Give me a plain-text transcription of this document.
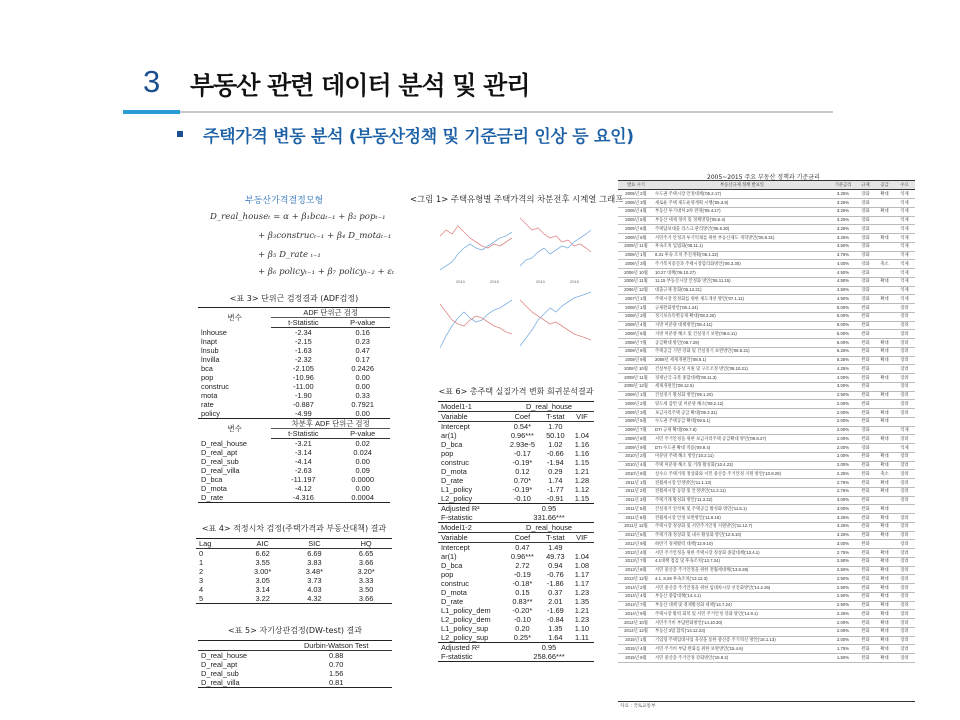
3 부동산 관련 데이터 분석 및 관리
주택가격 변동 분석 (부동산정책 및 기준금리 인상 등 요인)
부동산가격결정모형
D_real_houseₜ = α + β₁bcaₜ₋₁ + β₂ popₜ₋₁
+ β₃construcₜ₋₁ + β₄ D_motaₜ₋₁
+ β₅ D_rate ₜ₋₁
+ β₆ policyₜ₋₁ + β₇ policyₜ₋₂ + εₜ
<표 3> 단위근 검정결과 (ADF검정)
변수	ADF 단위근 검정	
	t-Statistic	P-value
lnhouse	-2.34	0.16
lnapt	-2.15	0.23
lnsub	-1.63	0.47
lnvilla	-2.32	0.17
bca	-2.105	0.2426
pop	-10.96	0.00
construc	-11.00	0.00
mota	-1.90	0.33
rate	-0.887	0.7921
policy	-4.99	0.00
변수	차분후 ADF 단위근 검정	
	t-Statistic	P-value
D_real_house	-3.21	0.02
D_real_apt	-3.14	0.024
D_real_sub	-4.14	0.00
D_real_villa	-2.63	0.09
D_bca	-11.197	0.0000
D_mota	-4.12	0.00
D_rate	-4.316	0.0004
<표 4> 적정시차 검정(주택가격과 부동산대책) 결과
Lag	AIC	SIC	HQ
0	6.62	6.69	6.65
1	3.55	3.83	3.66
2	3.00*	3.48*	3.20*
3	3.05	3.73	3.33
4	3.14	4.03	3.50
5	3.22	4.32	3.66
<표 5> 자기상관검정(DW-test) 결과
	Durbin-Watson Test
D_real_house	0.88
D_real_apt	0.70
D_real_sub	1.56
D_real_villa	0.81
<그림 1> 주택유형별 주택가격의 차분전후 시계열 그래프
2010	2015	2010	2015
<표 6> 총주택 실질가격 변화 회귀분석결과
Model1-1	D_real_house		
Variable	Coef	T-stat	VIF
Intercept	0.54*	1.70	
ar(1)	0.96***	50.10	1.04
D_bca	2.93e-5	1.02	1.16
pop	-0.17	-0.66	1.16
construc	-0.19*	-1.94	1.15
D_mota	0.12	0.29	1.21
D_rate	0.70*	1.74	1.28
L1_policy	-0.19*	-1.77	1.12
L2_policy	-0.10	-0.91	1.15
Adjusted R²	0.95		
F-statistic	331.66***		
Model1-2	D_real_house		
Variable	Coef	T-stat	VIF
Intercept	0.47	1.49	
ar(1)	0.96***	49.73	1.04
D_bca	2.72	0.94	1.08
pop	-0.19	-0.76	1.17
construc	-0.18*	-1.86	1.17
D_mota	0.15	0.37	1.23
D_rate	0.83**	2.01	1.35
L1_policy_dem	-0.20*	-1.69	1.21
L2_policy_dem	-0.10	-0.84	1.23
L1_policy_sup	0.20	1.35	1.10
L2_policy_sup	0.25*	1.64	1.11
Adjusted R²	0.95		
F-statistic	258.66***		
2005~2015 주요 부동산 정책과 기준금리
발표 시기	부동산규제 정책 발표일	기준금리	규제	공급	수요
2005년 2월	수도권 주택시장 안정대책('05.2.17)	3.25%	강화	확대	억제
2005년 3월	새로운 주택 제도운영계획 시행('05.3.9)	3.25%	강화		억제
2005년 4월	부동산 투기대처 2차 전략('05.4.17)	3.25%	강화	확대	억제
2005년 5월	부동산 세제 정비 및 정책방향('05.5.4)	3.25%	강화		억제
2005년 6월	주택담보대출 리스크 관리방안('05.6.30)	3.25%	강화		억제
2005년 8월	서민주거 안정과 투기억제를 위한 부동산제도 개혁방안('05.8.31)	3.25%	강화	확대	억제
2005년 11월	후속조치 입법화('05.11.1)	3.50%	강화		억제
2006년 1월	8.31 후속 조치 추진계획('06.1.22)	3.75%	강화		억제
2006년 3월	주거복지증진과 주택시장합리화방안('06.3.30)	4.00%	강화	축소	억제
2006년 10월	10.27 대책('06.10.27)	4.50%	강화		억제
2006년 11월	11.15 부동산시장 안정화 방안('06.11.15)	4.50%	강화	확대	억제
2006년 12월	대출규제 강화('06.12.21)	4.50%	강화		억제
2007년 1월	주택시장 안정화를 위한 제도개선 방안('07.1.11)	4.50%	강화	확대	억제
2008년 1월	규제완화방안('08.1.24)	5.00%	완화		장려
2008년 3월	정기보유특별공제 확대('08.3.20)	5.00%	완화		장려
2008년 4월	지방 미분양 대책방안('08.4.11)	5.00%	완화		장려
2008년 6월	지방 미분양 해소 및 건설경기 보완('08.6.11)	5.00%	완화		장려
2008년 7월	공급확대 방안('08.7.29)	5.00%	완화	확대	장려
2008년 8월	주택공급 기반 강화 및 건설경기 보완방안('08.8.21)	5.25%	완화	확대	장려
2008년 9월	2008년 세제개편안('08.9.1)	5.25%	완화	확대	장려
2008년 10월	건설부문 유동성 지원 및 구조조정 방안('08.10.21)	4.25%	완화		장려
2008년 11월	경제난국 극복 종합대책('08.11.3)	4.00%	완화	확대	장려
2008년 12월	세제개편안('08.12.5)	3.00%	완화		장려
2009년 1월	건설경기 활성화 방안('09.1.20)	2.50%	완화	확대	장려
2009년 2월	양도세 감면 및 미분양 해소('09.2.12)	2.00%	완화		장려
2009년 3월	보금자리주택 공급 확대('09.3.31)	2.00%	완화	확대	장려
2009년 5월	수도권 주택공급 확대('09.5.1)	2.00%	완화	확대	
2009년 7월	DTI 규제 확대('09.7.6)	2.00%	강화		억제
2009년 8월	서민 주거안정을 위한 보금자리주택 공급확대 방안('09.8.27)	2.00%	완화	확대	장려
2009년 9월	DTI 수도권 확대 적용('09.9.4)	2.00%	강화		억제
2010년 2월	미분양 주택 해소 방안('10.2.11)	2.00%	완화	확대	장려
2010년 4월	주택 미분양 해소 및 거래 활성화('10.4.23)	2.00%	완화	확대	장려
2010년 8월	실수요 주택거래 정상화와 서민 중산층 주거안정 지원 방안('10.8.29)	2.25%	완화	축소	장려
2011년 1월	전월세시장 안정방안('11.1.13)	2.75%	완화	확대	장려
2011년 2월	전월세시장 동향 및 안정방안('11.2.11)	2.75%	완화	확대	장려
2011년 3월	주택거래 활성화 방안('11.3.22)	3.00%	완화		장려
2011년 5월	건설경기 연착륙 및 주택공급 활성화 방안('11.5.1)	3.00%	완화	확대	
2011년 8월	전월세시장 안정 보완방안('11.8.18)	3.25%	완화	확대	장려
2011년 12월	주택시장 정상화 및 서민주거안정 지원방안('11.12.7)	3.25%	완화	확대	장려
2012년 5월	주택거래 정상화 및 내수 활성화 방안('12.5.10)	3.25%	완화	확대	장려
2012년 9월	하반기 경제활력 대책('12.9.10)	3.00%	완화		장려
2013년 4월	서민 주거안정을 위한 주택시장 정상화 종합대책('13.4.1)	2.75%	완화	확대	장려
2013년 7월	4.1대책 점검 및 후속조치('13.7.24)	2.50%	완화	확대	장려
2013년 8월	서민 중산층 주거안정을 위한 전월세대책('13.8.28)	2.50%	완화	확대	장려
2013년 12월	4.1, 8.28 후속조치('13.12.3)	2.50%	완화	확대	장려
2014년 2월	서민 중산층 주거안정을 위한 임대차시장 선진화방안('14.2.26)	2.50%	완화	확대	장려
2014년 4월	부동산 종합대책('14.4.1)	2.50%	완화	확대	장려
2014년 7월	부동산 대책 및 경제활성화 대책('14.7.24)	2.50%	완화	확대	장려
2014년 9월	주택시장 활력 회복 및 서민 주거안정 강화 방안('14.9.1)	2.25%	완화	확대	장려
2014년 10월	서민주거비 부담완화방안('14.10.30)	2.00%	완화	확대	장려
2014년 12월	부동산 3법 합의('14.12.23)	2.00%	완화	확대	장려
2015년 1월	기업형 주택임대사업 육성을 통한 중산층 주거혁신 방안('15.1.13)	2.00%	완화	확대	장려
2015년 4월	서민 주거비 부담 완화를 위한 보완방안('15.4.6)	1.75%	완화	확대	장려
2015년 9월	서민 중산층 주거안정 강화방안('15.9.2)	1.50%	완화	확대	장려
자료 : 국토교통부
